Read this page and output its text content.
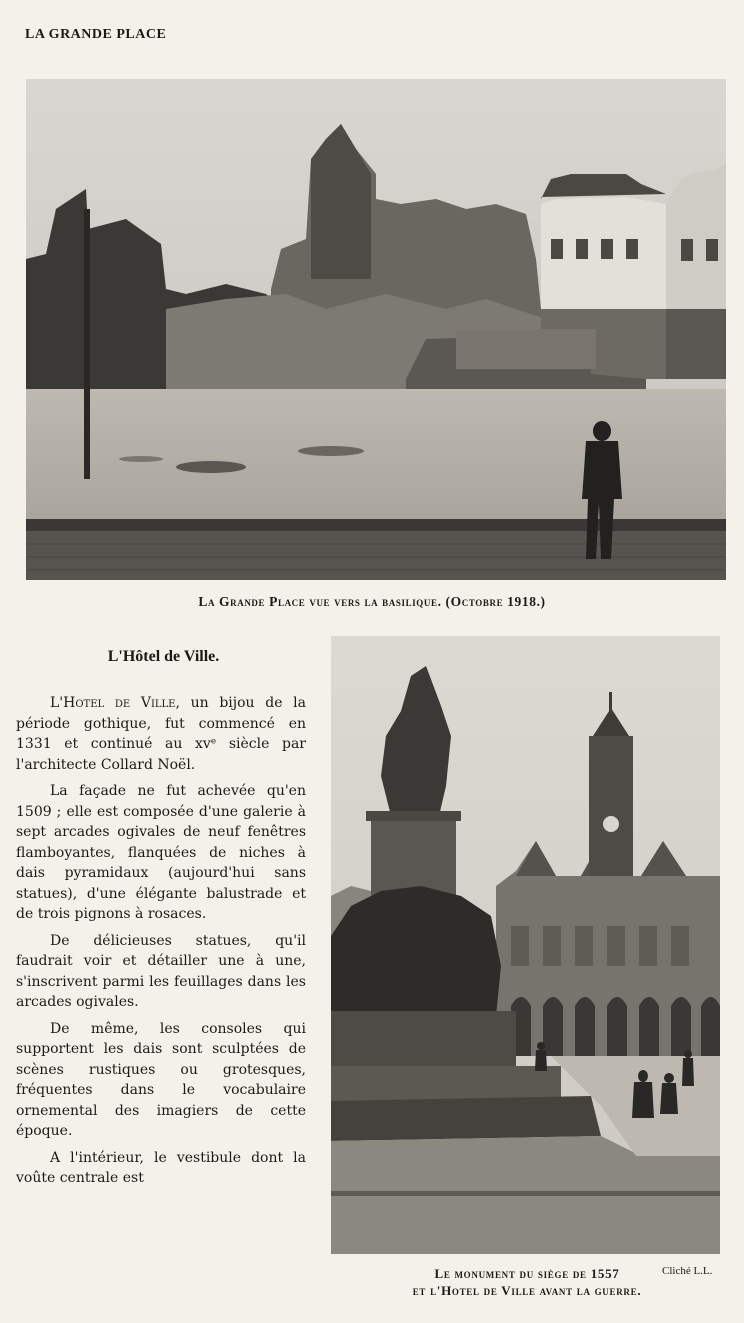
LA GRANDE PLACE
La Grande Place vue vers la basilique. (Octobre 1918.)
L'Hôtel de Ville.

L'Hotel de Ville, un bijou de la période gothique, fut commencé en 1331 et continué au xvᵉ siècle par l'architecte Collard Noël.

La façade ne fut achevée qu'en 1509 ; elle est composée d'une galerie à sept arcades ogivales de neuf fenêtres flamboyantes, flanquées de niches à dais pyramidaux (aujourd'hui sans statues), d'une élégante balustrade et de trois pignons à rosaces.

De délicieuses statues, qu'il faudrait voir et détailler une à une, s'inscrivent parmi les feuillages dans les arcades ogivales.

De même, les consoles qui supportent les dais sont sculptées de scènes rustiques ou grotesques, fréquentes dans le vocabulaire ornemental des imagiers de cette époque.

A l'intérieur, le vestibule dont la voûte centrale est

Le monument du siège de 1557
et l'Hotel de Ville avant la guerre.
Cliché L.L.
